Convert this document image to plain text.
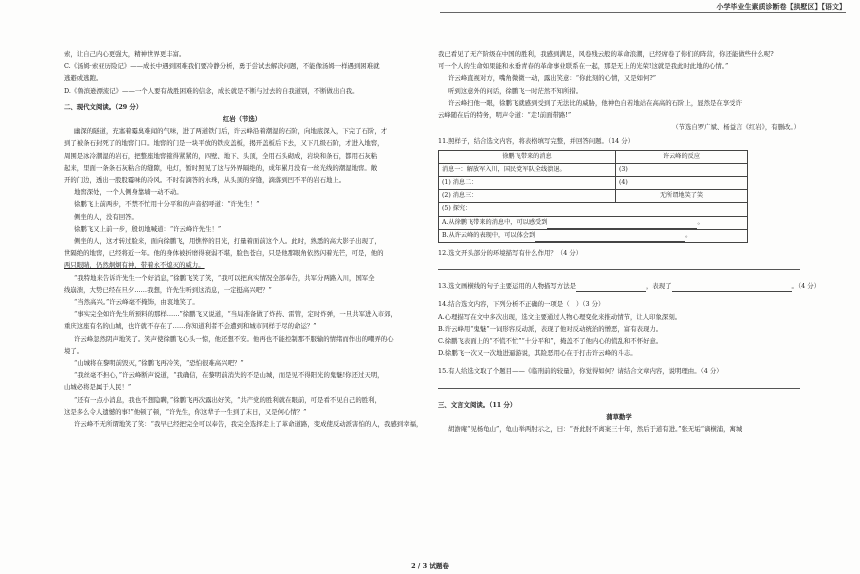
小学毕业生素质诊断卷【拱墅区】【语文】
索，让自己内心更强大，精神世界更丰富。
C.《汤姆·索亚历险记》——成长中遇到困难我们要冷静分析，勇于尝试去解决问题，不能像汤姆一样遇到困难就
逃避或逃跑。
D.《鲁滨逊漂流记》——一个人要有战胜困难的信念，成长就是不断与过去的自我道别，不断做出自我。
二、现代文阅读。（29 分）
红岩（节选）
幽深的隧道，充塞着霉臭难闻的气味，进了两道铁门后，许云峰沿着潮湿的石阶，向地底深入，下完了石阶，才
到了被条石封死了的地窖门口。地窖的门是一块平放的铁皮盖板，揭开盖板后下去，又下几级石阶，才进入地窖，
周围是冰冷潮湿的岩石，把整座地窖箍得紧紧的，四壁、地下、头顶，全用石头砌成，岩块和条石，都用石灰粘
起来，里面一条条石灰粘合的缝隙，电灯，暂时照见了这与外界隔绝的，成年累月没有一丝光线的潮湿地窖。敞
开的门边，透出一股股霉味的冷风。不时有滴答的水珠，从头顶的穿缝，滴落到凹不平的岩石地上。
地窖深处，一个人侧身靠墙一动不动。
徐鹏飞上前两步，不禁不忙用十分平和的声音招呼道：“许先生！”
侧坐的人，没有回答。
徐鹏飞又上前一步，殷切地喊道：“许云峰许先生！”
侧坐的人，这才转过脸来，面向徐鹏飞，用憔悴的目光，打量着面前这个人。此时，熟悉的高大影子出现了，
世隔绝的地窖，已经将近一年。他的身体被折磨得衰弱不堪，脸色苍白，只是他那眼角依然闪着光芒，可是，他的
两只眼睛，仍然炯炯有神，带着永不熄灭的威力。
“我特地来告诉许先生一个好消息，”徐鹏飞笑了笑，“我可以把真实情况全部奉告，共军分两路入川，国军全
线崩溃，大势已经在旦夕……我想，许先生听到这消息，一定挺高兴吧？”
“当然高兴。”许云峰毫不掩饰，由衷地笑了。
“事实完全如许先生所预料的那样……”徐鹏飞又说道，“当局准备做了炸药、雷管，定时炸弹，一旦共军进入市郊，
重庆这座有名的山城，也许就不存在了……你知道利者不会遭到和城市同样于尽的命运？”
许云峰忽然阴声地笑了。笑声使徐鹏飞心头一惊，他还想不安。他再也不能控制那不服输的情绪而作出的嘲弄的心
境了。
“山城将在黎明前毁灭，”徐鹏飞再冷笑，“恐怕很难高兴吧？”
“我丝毫不担心，”许云峰断声说道，“我确信，在黎明前消失的不是山城，而是见不得阳光的鬼魅!你还过天明，
山城必将是属于人民！”
“还有一点小消息，我也不想隐瞒，”徐鹏飞再次露出好笑，“共产党的胜利就在眼前，可是看不见自己的胜利，
这是多么令人遗憾的事!”他顿了顿，“许先生，你这辈子一生到了末日，又是何心情？”
许云峰不无所谓地笑了笑：“我早已经把完全可以奉告，我完全选择走上了革命道路，变成使反动派害怕的人，我感到幸福，
我已看见了无产阶级在中国的胜利，我感到满足，风卷残云般的革命浪潮，已经席卷了你们的阵营，你还能做些什么呢?
可一个人的生命如果能和永垂青春的革命事业联系在一起，那是无上的光荣!这就是我此时此地的心情。”
许云峰直视对方，嘴角微微一动，露出笑意：“你此刻的心情，又是如何?”
听到这意外的问话，徐鹏飞一时茫然不知所措。
许云峰扫他一眼，徐鹏飞就感到受到了无法比的威胁，他神色自若地站在高高的石阶上，显然是在享受许
云峰随在后的特务，明声令道：“走!前面带路!”
（节选自罗广斌、杨益言《红岩》，有删改。）
11.照样子，结合选文内容，将表格填写完整，并回答问题。（14 分）
徐鹏飞带来的消息	许云峰的反应
消息一：解放军入川，国民党军队全线溃退。	(3)
(1) 消息二：	(4)
(2) 消息三：	无所谓地笑了笑
(5) 探究：	
A.从徐鹏飞带来的消息中，可以感受到 。	
B.从许云峰的表现中，可以体会到 。	
12.选文开头部分的环境描写有什么作用？（4 分）
13.选文画横线的句子主要运用的人物描写方法是	，表现了	。（4 分）
14.结合选文内容，下列分析不正确的一项是（　）（3 分）
A.心理描写在文中多次出现，选文主要通过人物心理变化来推动情节，让人印象深刻。
B.许云峰用“鬼魅”一词形容反动派，表现了他对反动统治的憎恶，富有表现力。
C.徐鹏飞表面上的“不慌不忙”“十分平和”，掩盖不了他内心的慌乱和不怀好意。
D.徐鹏飞一次又一次地进逼游说，其险恶用心在于打击许云峰的斗志。
15.有人给选文取了个题目——《临刑前的较量》，你觉得如何？请结合文章内容，说明理由。（4 分）
三、文言文阅读。（11 分）
蒲草勤学
胡澹庵“见杨龟山”，龟山举两肘示之，曰：“吾此肘不离案三十年，然后于道有进。”张无垢“谪横浦，寓城
2 / 3 试题卷
